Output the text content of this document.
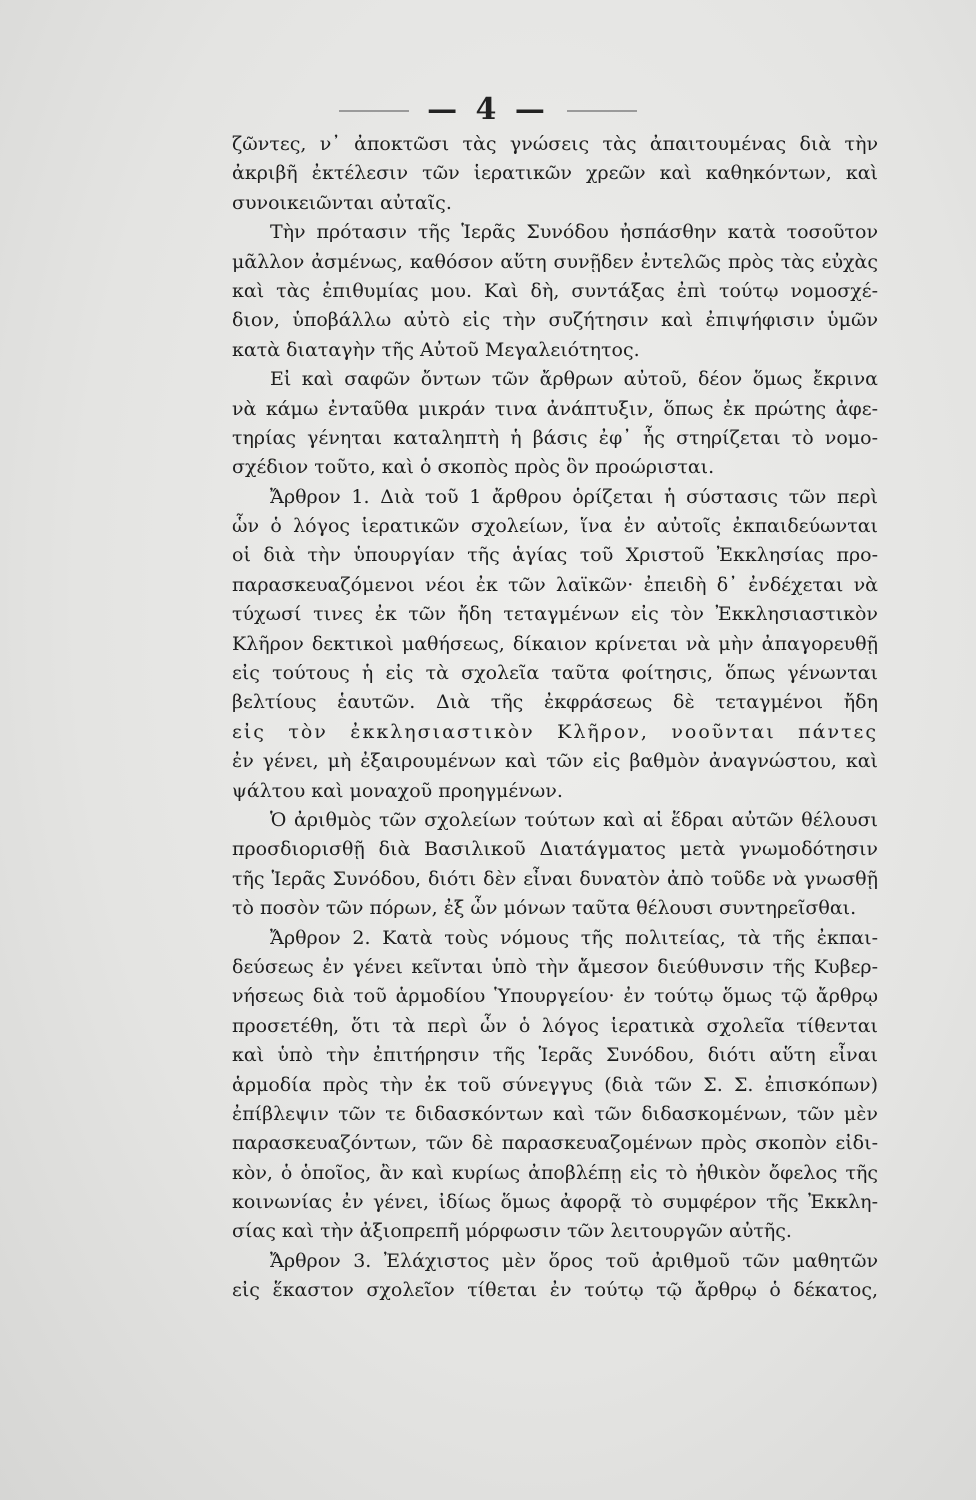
— 4 —
ζῶντες, ν᾽ ἀποκτῶσι τὰς γνώσεις τὰς ἀπαιτουμένας διὰ τὴν
ἀκριβῆ ἐκτέλεσιν τῶν ἱερατικῶν χρεῶν καὶ καθηκόντων, καὶ
συνοικειῶνται αὐταῖς.
Τὴν πρότασιν τῆς Ἱερᾶς Συνόδου ἠσπάσθην κατὰ τοσοῦτον
μᾶλλον ἀσμένως, καθόσον αὕτη συνῇδεν ἐντελῶς πρὸς τὰς εὐχὰς
καὶ τὰς ἐπιθυμίας μου. Καὶ δὴ, συντάξας ἐπὶ τούτῳ νομοσχέ-
διον, ὑποβάλλω αὐτὸ εἰς τὴν συζήτησιν καὶ ἐπιψήφισιν ὑμῶν
κατὰ διαταγὴν τῆς Αὐτοῦ Μεγαλειότητος.
Εἰ καὶ σαφῶν ὄντων τῶν ἄρθρων αὐτοῦ, δέον ὅμως ἔκρινα
νὰ κάμω ἐνταῦθα μικράν τινα ἀνάπτυξιν, ὅπως ἐκ πρώτης ἀφε-
τηρίας γένηται καταληπτὴ ἡ βάσις ἐφ᾽ ἧς στηρίζεται τὸ νομο-
σχέδιον τοῦτο, καὶ ὁ σκοπὸς πρὸς ὃν προώρισται.
Ἄρθρον 1. Διὰ τοῦ 1 ἄρθρου ὁρίζεται ἡ σύστασις τῶν περὶ
ὧν ὁ λόγος ἱερατικῶν σχολείων, ἵνα ἐν αὐτοῖς ἐκπαιδεύωνται
οἱ διὰ τὴν ὑπουργίαν τῆς ἁγίας τοῦ Χριστοῦ Ἐκκλησίας προ-
παρασκευαζόμενοι νέοι ἐκ τῶν λαϊκῶν· ἐπειδὴ δ᾽ ἐνδέχεται νὰ
τύχωσί τινες ἐκ τῶν ἤδη τεταγμένων εἰς τὸν Ἐκκλησιαστικὸν
Κλῆρον δεκτικοὶ μαθήσεως, δίκαιον κρίνεται νὰ μὴν ἀπαγορευθῇ
εἰς τούτους ἡ εἰς τὰ σχολεῖα ταῦτα φοίτησις, ὅπως γένωνται
βελτίους ἑαυτῶν. Διὰ τῆς ἐκφράσεως δὲ τεταγμένοι ἤδη
εἰς τὸν ἐκκλησιαστικὸν Κλῆρον, νοοῦνται πάντες
ἐν γένει, μὴ ἐξαιρουμένων καὶ τῶν εἰς βαθμὸν ἀναγνώστου, καὶ
ψάλτου καὶ μοναχοῦ προηγμένων.
Ὁ ἀριθμὸς τῶν σχολείων τούτων καὶ αἱ ἕδραι αὐτῶν θέλουσι
προσδιορισθῇ διὰ Βασιλικοῦ Διατάγματος μετὰ γνωμοδότησιν
τῆς Ἱερᾶς Συνόδου, διότι δὲν εἶναι δυνατὸν ἀπὸ τοῦδε νὰ γνωσθῇ
τὸ ποσὸν τῶν πόρων, ἐξ ὧν μόνων ταῦτα θέλουσι συντηρεῖσθαι.
Ἄρθρον 2. Κατὰ τοὺς νόμους τῆς πολιτείας, τὰ τῆς ἐκπαι-
δεύσεως ἐν γένει κεῖνται ὑπὸ τὴν ἄμεσον διεύθυνσιν τῆς Κυβερ-
νήσεως διὰ τοῦ ἁρμοδίου Ὑπουργείου· ἐν τούτῳ ὅμως τῷ ἄρθρῳ
προσετέθη, ὅτι τὰ περὶ ὧν ὁ λόγος ἱερατικὰ σχολεῖα τίθενται
καὶ ὑπὸ τὴν ἐπιτήρησιν τῆς Ἱερᾶς Συνόδου, διότι αὕτη εἶναι
ἁρμοδία πρὸς τὴν ἐκ τοῦ σύνεγγυς (διὰ τῶν Σ. Σ. ἐπισκόπων)
ἐπίβλεψιν τῶν τε διδασκόντων καὶ τῶν διδασκομένων, τῶν μὲν
παρασκευαζόντων, τῶν δὲ παρασκευαζομένων πρὸς σκοπὸν εἰδι-
κὸν, ὁ ὁποῖος, ἂν καὶ κυρίως ἀποβλέπῃ εἰς τὸ ἠθικὸν ὄφελος τῆς
κοινωνίας ἐν γένει, ἰδίως ὅμως ἀφορᾷ τὸ συμφέρον τῆς Ἐκκλη-
σίας καὶ τὴν ἀξιοπρεπῆ μόρφωσιν τῶν λειτουργῶν αὐτῆς.
Ἄρθρον 3. Ἐλάχιστος μὲν ὅρος τοῦ ἀριθμοῦ τῶν μαθητῶν
εἰς ἕκαστον σχολεῖον τίθεται ἐν τούτῳ τῷ ἄρθρῳ ὁ δέκατος,
